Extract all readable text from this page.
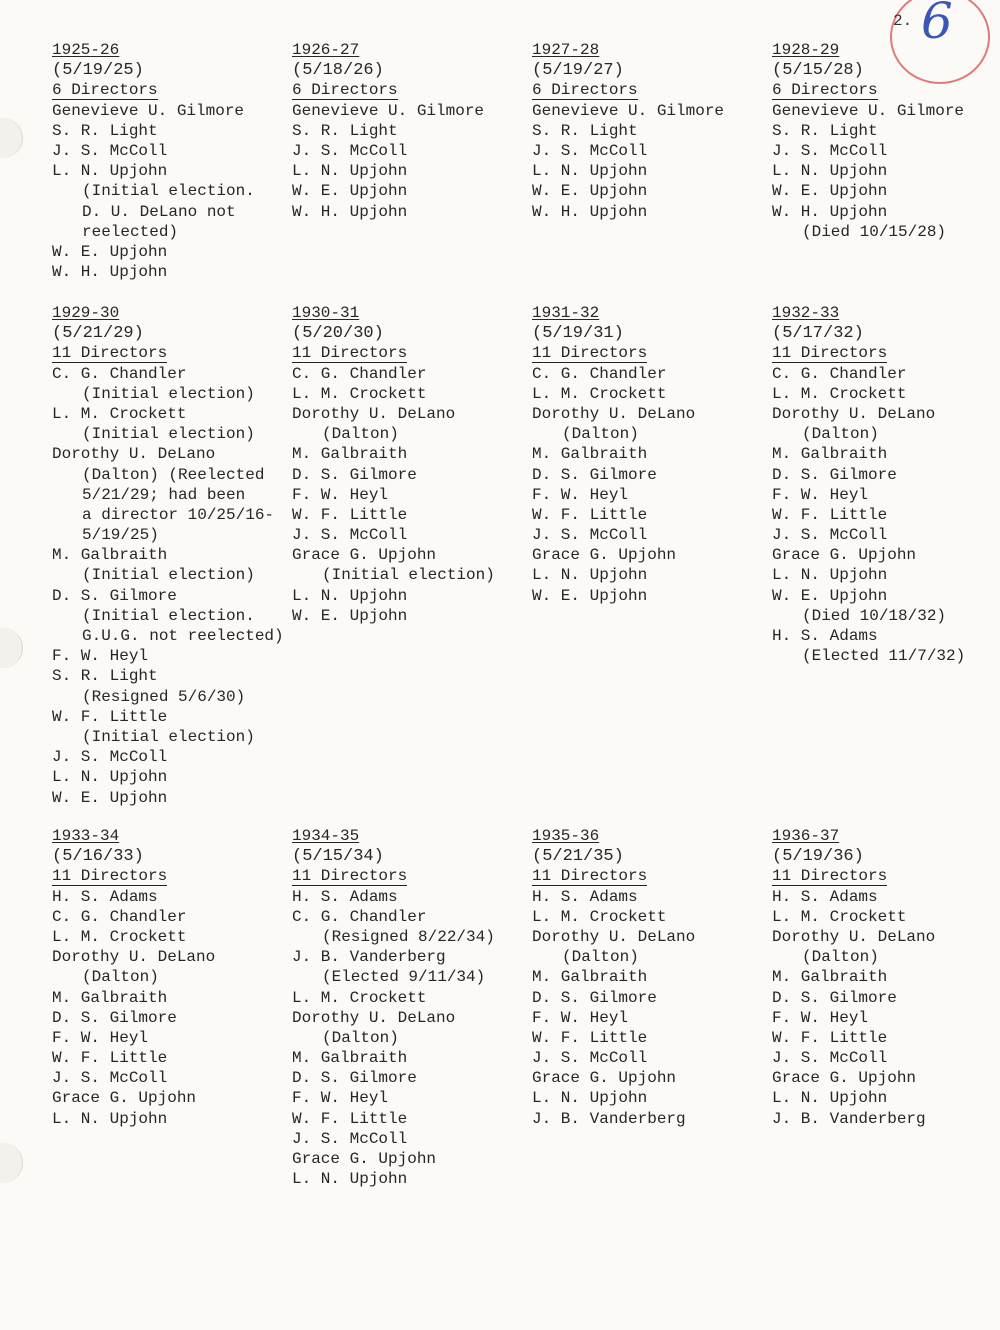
2. 6
1925-26
(5/19/25)
6 Directors
Genevieve U. Gilmore
S. R. Light
J. S. McColl
L. N. Upjohn
(Initial election.
D. U. DeLano not
reelected)
W. E. Upjohn
W. H. Upjohn
1926-27
(5/18/26)
6 Directors
Genevieve U. Gilmore
S. R. Light
J. S. McColl
L. N. Upjohn
W. E. Upjohn
W. H. Upjohn
1927-28
(5/19/27)
6 Directors
Genevieve U. Gilmore
S. R. Light
J. S. McColl
L. N. Upjohn
W. E. Upjohn
W. H. Upjohn
1928-29
(5/15/28)
6 Directors
Genevieve U. Gilmore
S. R. Light
J. S. McColl
L. N. Upjohn
W. E. Upjohn
W. H. Upjohn
(Died 10/15/28)
1929-30
(5/21/29)
11 Directors
C. G. Chandler
(Initial election)
L. M. Crockett
(Initial election)
Dorothy U. DeLano
(Dalton) (Reelected
5/21/29; had been
a director 10/25/16-
5/19/25)
M. Galbraith
(Initial election)
D. S. Gilmore
(Initial election.
G.U.G. not reelected)
F. W. Heyl
S. R. Light
(Resigned 5/6/30)
W. F. Little
(Initial election)
J. S. McColl
L. N. Upjohn
W. E. Upjohn
1930-31
(5/20/30)
11 Directors
C. G. Chandler
L. M. Crockett
Dorothy U. DeLano
(Dalton)
M. Galbraith
D. S. Gilmore
F. W. Heyl
W. F. Little
J. S. McColl
Grace G. Upjohn
(Initial election)
L. N. Upjohn
W. E. Upjohn
1931-32
(5/19/31)
11 Directors
C. G. Chandler
L. M. Crockett
Dorothy U. DeLano
(Dalton)
M. Galbraith
D. S. Gilmore
F. W. Heyl
W. F. Little
J. S. McColl
Grace G. Upjohn
L. N. Upjohn
W. E. Upjohn
1932-33
(5/17/32)
11 Directors
C. G. Chandler
L. M. Crockett
Dorothy U. DeLano
(Dalton)
M. Galbraith
D. S. Gilmore
F. W. Heyl
W. F. Little
J. S. McColl
Grace G. Upjohn
L. N. Upjohn
W. E. Upjohn
(Died 10/18/32)
H. S. Adams
(Elected 11/7/32)
1933-34
(5/16/33)
11 Directors
H. S. Adams
C. G. Chandler
L. M. Crockett
Dorothy U. DeLano
(Dalton)
M. Galbraith
D. S. Gilmore
F. W. Heyl
W. F. Little
J. S. McColl
Grace G. Upjohn
L. N. Upjohn
1934-35
(5/15/34)
11 Directors
H. S. Adams
C. G. Chandler
(Resigned 8/22/34)
J. B. Vanderberg
(Elected 9/11/34)
L. M. Crockett
Dorothy U. DeLano
(Dalton)
M. Galbraith
D. S. Gilmore
F. W. Heyl
W. F. Little
J. S. McColl
Grace G. Upjohn
L. N. Upjohn
1935-36
(5/21/35)
11 Directors
H. S. Adams
L. M. Crockett
Dorothy U. DeLano
(Dalton)
M. Galbraith
D. S. Gilmore
F. W. Heyl
W. F. Little
J. S. McColl
Grace G. Upjohn
L. N. Upjohn
J. B. Vanderberg
1936-37
(5/19/36)
11 Directors
H. S. Adams
L. M. Crockett
Dorothy U. DeLano
(Dalton)
M. Galbraith
D. S. Gilmore
F. W. Heyl
W. F. Little
J. S. McColl
Grace G. Upjohn
L. N. Upjohn
J. B. Vanderberg
